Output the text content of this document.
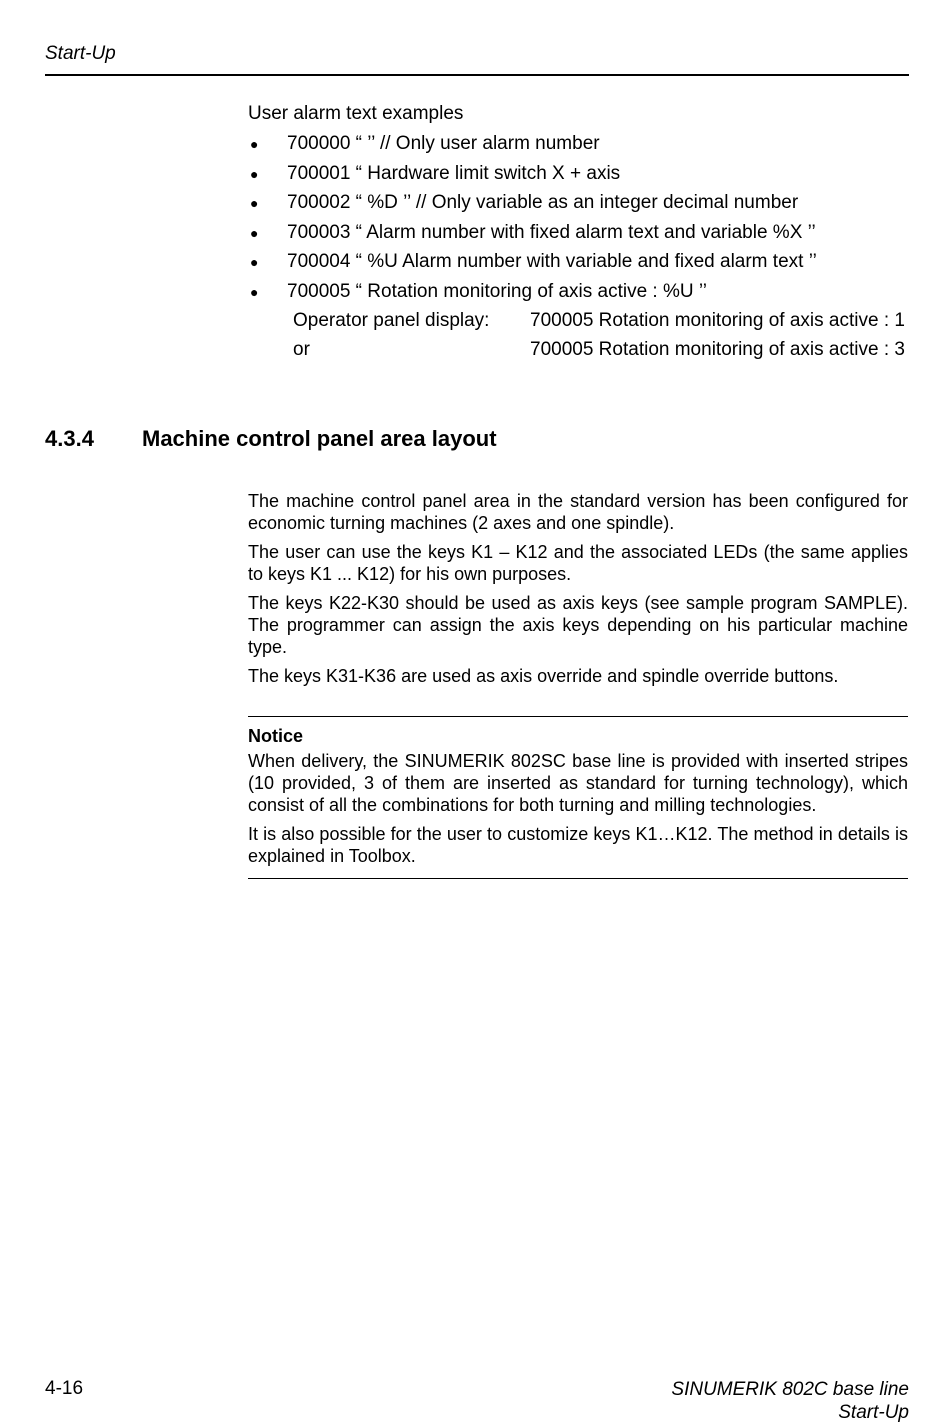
Start-Up
User alarm text examples
● 700000 “ ’’ // Only user alarm number
● 700001 “ Hardware limit switch X + axis
● 700002 “ %D ’’ // Only variable as an integer decimal number
● 700003 “ Alarm number with fixed alarm text and variable %X ’’
● 700004 “ %U Alarm number with variable and fixed alarm text ’’
● 700005 “ Rotation monitoring of axis active : %U ’’
Operator panel display: 700005 Rotation monitoring of axis active : 1
or	700005 Rotation monitoring of axis active : 3
4.3.4 Machine control panel area layout

The machine control panel area in the standard version has been configured for economic turning machines (2 axes and one spindle).

The user can use the keys K1 – K12 and the associated LEDs (the same applies to keys K1 ... K12) for his own purposes.

The keys K22-K30 should be used as axis keys (see sample program SAMPLE). The programmer can assign the axis keys depending on his particular machine type.

The keys K31-K36 are used as axis override and spindle override buttons.

Notice

When delivery, the SINUMERIK 802SC base line is provided with inserted stripes (10 provided, 3 of them are inserted as standard for turning technology), which consist of all the combinations for both turning and milling technologies.

It is also possible for the user to customize keys K1…K12. The method in details is explained in Toolbox.

4-16	SINUMERIK 802C base line
Start-Up
